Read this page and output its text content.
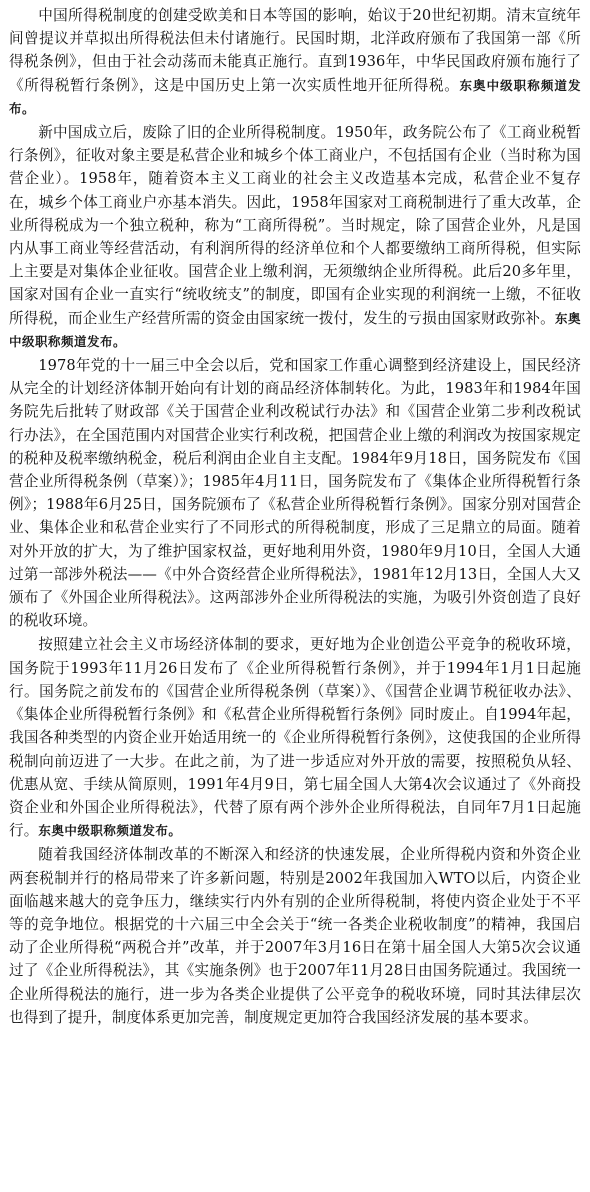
中国所得税制度的创建受欧美和日本等国的影响，始议于20世纪初期。清末宣统年间曾提议并草拟出所得税法但未付诸施行。民国时期，北洋政府颁布了我国第一部《所得税条例》，但由于社会动荡而未能真正施行。直到1936年，中华民国政府颁布施行了《所得税暂行条例》，这是中国历史上第一次实质性地开征所得税。东奥中级职称频道发布。

新中国成立后，废除了旧的企业所得税制度。1950年，政务院公布了《工商业税暂行条例》，征收对象主要是私营企业和城乡个体工商业户，不包括国有企业（当时称为国营企业）。1958年，随着资本主义工商业的社会主义改造基本完成，私营企业不复存在，城乡个体工商业户亦基本消失。因此，1958年国家对工商税制进行了重大改革，企业所得税成为一个独立税种，称为“工商所得税”。当时规定，除了国营企业外，凡是国内从事工商业等经营活动，有利润所得的经济单位和个人都要缴纳工商所得税，但实际上主要是对集体企业征收。国营企业上缴利润，无须缴纳企业所得税。此后20多年里，国家对国有企业一直实行“统收统支”的制度，即国有企业实现的利润统一上缴，不征收所得税，而企业生产经营所需的资金由国家统一拨付，发生的亏损由国家财政弥补。东奥中级职称频道发布。

1978年党的十一届三中全会以后，党和国家工作重心调整到经济建设上，国民经济从完全的计划经济体制开始向有计划的商品经济体制转化。为此，1983年和1984年国务院先后批转了财政部《关于国营企业利改税试行办法》和《国营企业第二步利改税试行办法》，在全国范围内对国营企业实行利改税，把国营企业上缴的利润改为按国家规定的税种及税率缴纳税金，税后利润由企业自主支配。1984年9月18日，国务院发布《国营企业所得税条例（草案）》；1985年4月11日，国务院发布了《集体企业所得税暂行条例》；1988年6月25日，国务院颁布了《私营企业所得税暂行条例》。国家分别对国营企业、集体企业和私营企业实行了不同形式的所得税制度，形成了三足鼎立的局面。随着对外开放的扩大，为了维护国家权益，更好地利用外资，1980年9月10日，全国人大通过第一部涉外税法——《中外合资经营企业所得税法》，1981年12月13日，全国人大又颁布了《外国企业所得税法》。这两部涉外企业所得税法的实施，为吸引外资创造了良好的税收环境。

按照建立社会主义市场经济体制的要求，更好地为企业创造公平竞争的税收环境，国务院于1993年11月26日发布了《企业所得税暂行条例》，并于1994年1月1日起施行。国务院之前发布的《国营企业所得税条例（草案）》、《国营企业调节税征收办法》、《集体企业所得税暂行条例》和《私营企业所得税暂行条例》同时废止。自1994年起，我国各种类型的内资企业开始适用统一的《企业所得税暂行条例》，这使我国的企业所得税制向前迈进了一大步。在此之前，为了进一步适应对外开放的需要，按照税负从轻、优惠从宽、手续从简原则，1991年4月9日，第七届全国人大第4次会议通过了《外商投资企业和外国企业所得税法》，代替了原有两个涉外企业所得税法，自同年7月1日起施行。东奥中级职称频道发布。

随着我国经济体制改革的不断深入和经济的快速发展，企业所得税内资和外资企业两套税制并行的格局带来了许多新问题，特别是2002年我国加入WTO以后，内资企业面临越来越大的竞争压力，继续实行内外有别的企业所得税制，将使内资企业处于不平等的竞争地位。根据党的十六届三中全会关于“统一各类企业税收制度”的精神，我国启动了企业所得税“两税合并”改革，并于2007年3月16日在第十届全国人大第5次会议通过了《企业所得税法》，其《实施条例》也于2007年11月28日由国务院通过。我国统一企业所得税法的施行，进一步为各类企业提供了公平竞争的税收环境，同时其法律层次也得到了提升，制度体系更加完善，制度规定更加符合我国经济发展的基本要求。
